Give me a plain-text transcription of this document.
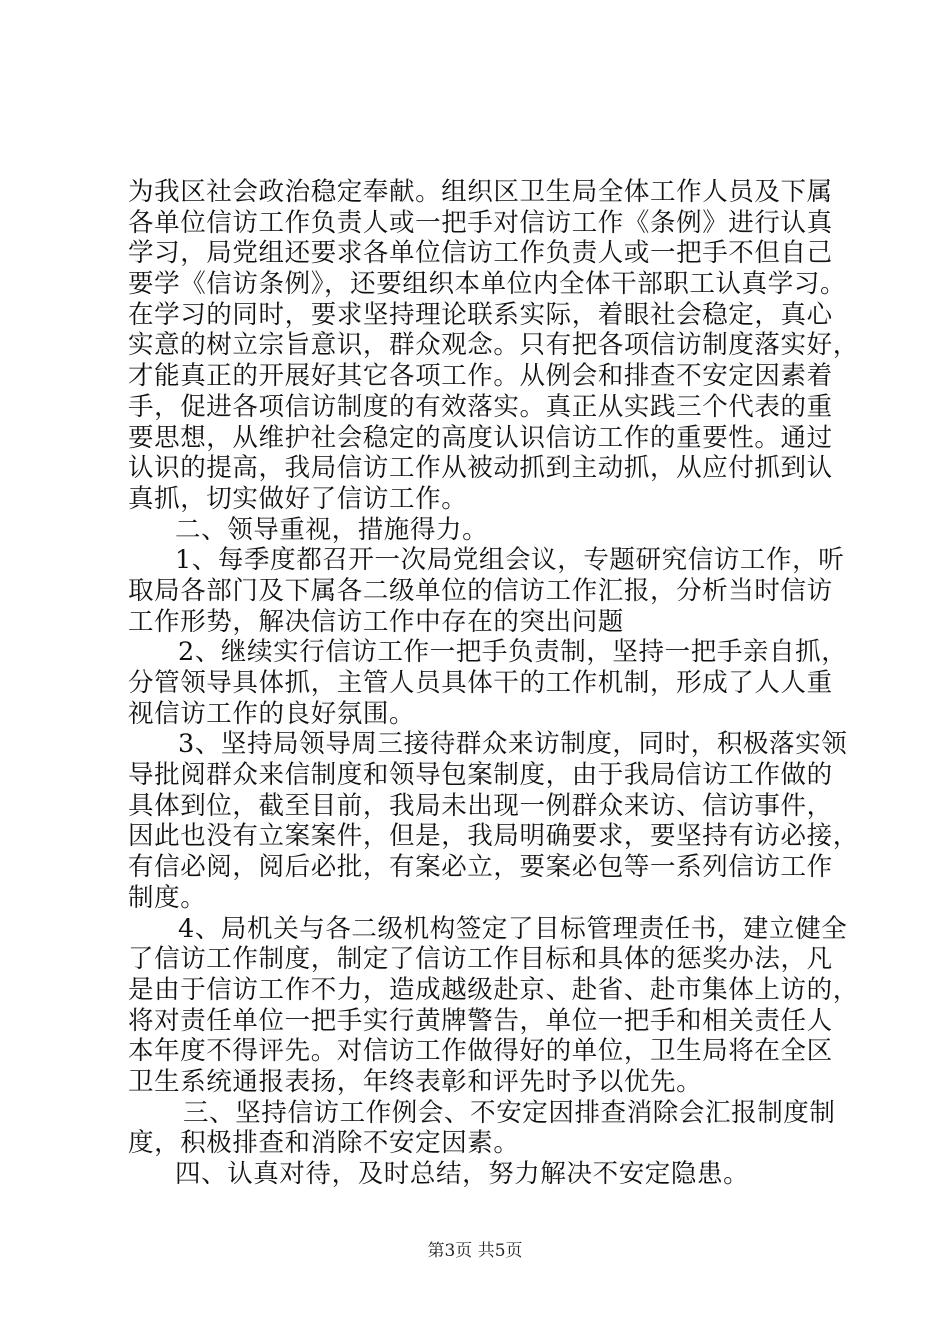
为我区社会政治稳定奉献。组织区卫生局全体工作人员及下属
各单位信访工作负责人或一把手对信访工作《条例》进行认真
学习，局党组还要求各单位信访工作负责人或一把手不但自己
要学《信访条例》，还要组织本单位内全体干部职工认真学习。
在学习的同时，要求坚持理论联系实际，着眼社会稳定，真心
实意的树立宗旨意识，群众观念。只有把各项信访制度落实好，
才能真正的开展好其它各项工作。从例会和排查不安定因素着
手，促进各项信访制度的有效落实。真正从实践三个代表的重
要思想，从维护社会稳定的高度认识信访工作的重要性。通过
认识的提高，我局信访工作从被动抓到主动抓，从应付抓到认
真抓，切实做好了信访工作。
二、领导重视，措施得力。
1、每季度都召开一次局党组会议，专题研究信访工作，听
取局各部门及下属各二级单位的信访工作汇报，分析当时信访
工作形势，解决信访工作中存在的突出问题
2、继续实行信访工作一把手负责制，坚持一把手亲自抓，
分管领导具体抓，主管人员具体干的工作机制，形成了人人重
视信访工作的良好氛围。
3、坚持局领导周三接待群众来访制度，同时，积极落实领
导批阅群众来信制度和领导包案制度，由于我局信访工作做的
具体到位，截至目前，我局未出现一例群众来访、信访事件，
因此也没有立案案件，但是，我局明确要求，要坚持有访必接，
有信必阅，阅后必批，有案必立，要案必包等一系列信访工作
制度。
4、局机关与各二级机构签定了目标管理责任书，建立健全
了信访工作制度，制定了信访工作目标和具体的惩奖办法，凡
是由于信访工作不力，造成越级赴京、赴省、赴市集体上访的，
将对责任单位一把手实行黄牌警告，单位一把手和相关责任人
本年度不得评先。对信访工作做得好的单位，卫生局将在全区
卫生系统通报表扬，年终表彰和评先时予以优先。
三、坚持信访工作例会、不安定因排查消除会汇报制度制
度，积极排查和消除不安定因素。
四、认真对待，及时总结，努力解决不安定隐患。
第3页 共5页
